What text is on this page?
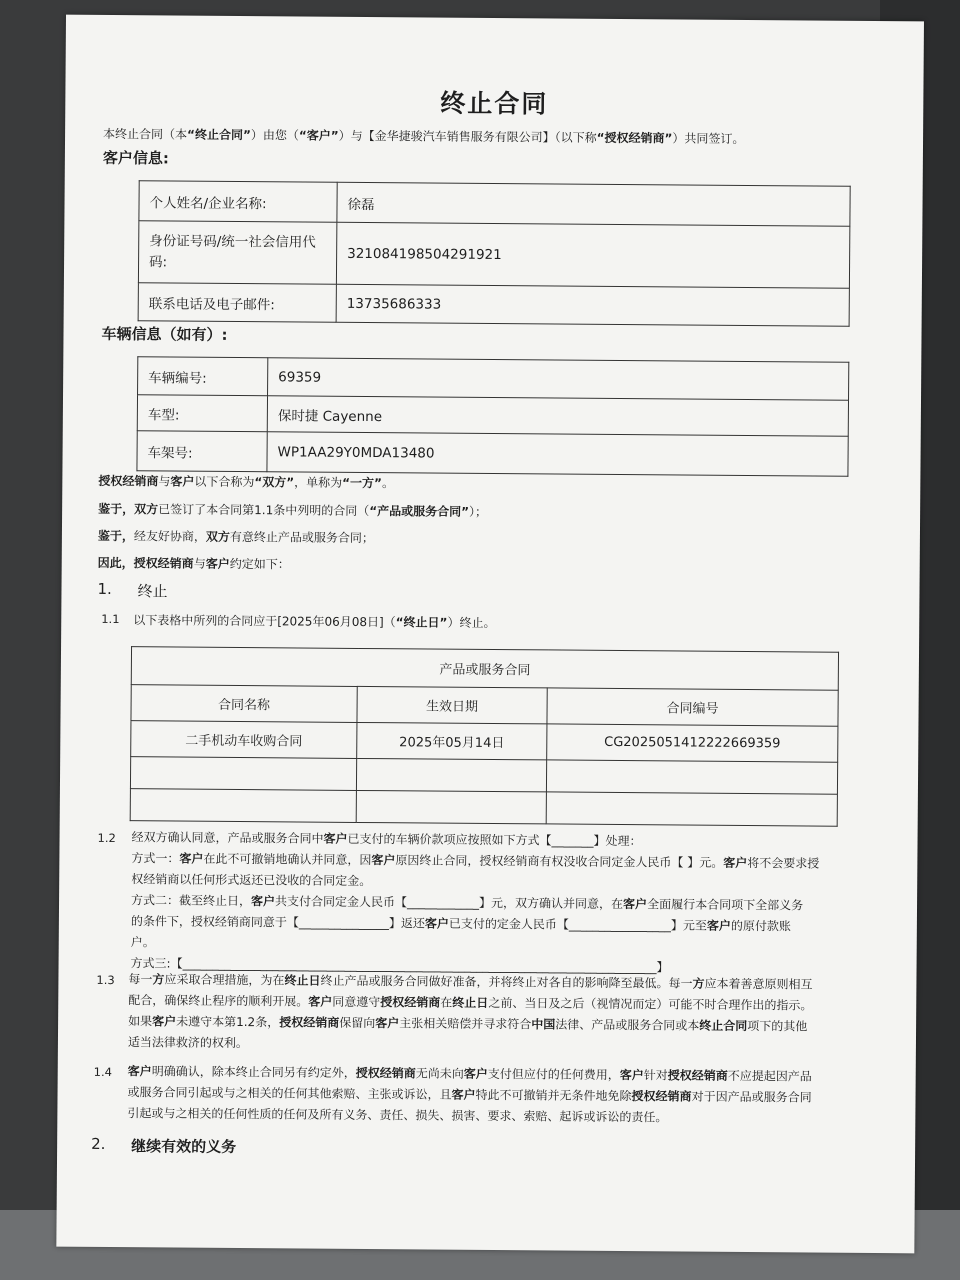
终止合同
本终止合同（本“终止合同”）由您（“客户”）与【金华捷骏汽车销售服务有限公司】（以下称“授权经销商”）共同签订。
客户信息:
个人姓名/企业名称:	徐磊
身份证号码/统一社会信用代码:	321084198504291921
联系电话及电子邮件:	13735686333
车辆信息（如有）:
车辆编号:	69359
车型:	保时捷 Cayenne
车架号:	WP1AA29Y0MDA13480
授权经销商与客户以下合称为“双方”，单称为“一方”。
鉴于，双方已签订了本合同第1.1条中列明的合同（“产品或服务合同”）；
鉴于，经友好协商，双方有意终止产品或服务合同；
因此，授权经销商与客户约定如下：
1. 终止
1.1 以下表格中所列的合同应于[2025年06月08日]（“终止日”）终止。
产品或服务合同		
合同名称	生效日期	合同编号
二手机动车收购合同	2025年05月14日	CG2025051412222669359

1.2 经双方确认同意，产品或服务合同中客户已支付的车辆价款项应按照如下方式【_______】处理：
方式一：客户在此不可撤销地确认并同意，因客户原因终止合同，授权经销商有权没收合同定金人民币【 】元。客户将不会要求授
权经销商以任何形式返还已没收的合同定金。
方式二：截至终止日，客户共支付合同定金人民币【____________】元，双方确认并同意，在客户全面履行本合同项下全部义务
的条件下，授权经销商同意于【_______________】返还客户已支付的定金人民币【_________________】元至客户的原付款账
户。
方式三:【_______________________________________________________________________________】
1.3 每一方应采取合理措施，为在终止日终止产品或服务合同做好准备，并将终止对各自的影响降至最低。每一方应本着善意原则相互
配合，确保终止程序的顺利开展。客户同意遵守授权经销商在终止日之前、当日及之后（视情况而定）可能不时合理作出的指示。
如果客户未遵守本第1.2条，授权经销商保留向客户主张相关赔偿并寻求符合中国法律、产品或服务合同或本终止合同项下的其他
适当法律救济的权利。
1.4 客户明确确认，除本终止合同另有约定外，授权经销商无尚未向客户支付但应付的任何费用，客户针对授权经销商不应提起因产品
或服务合同引起或与之相关的任何其他索赔、主张或诉讼，且客户特此不可撤销并无条件地免除授权经销商对于因产品或服务合同
引起或与之相关的任何性质的任何及所有义务、责任、损失、损害、要求、索赔、起诉或诉讼的责任。
2. 继续有效的义务
